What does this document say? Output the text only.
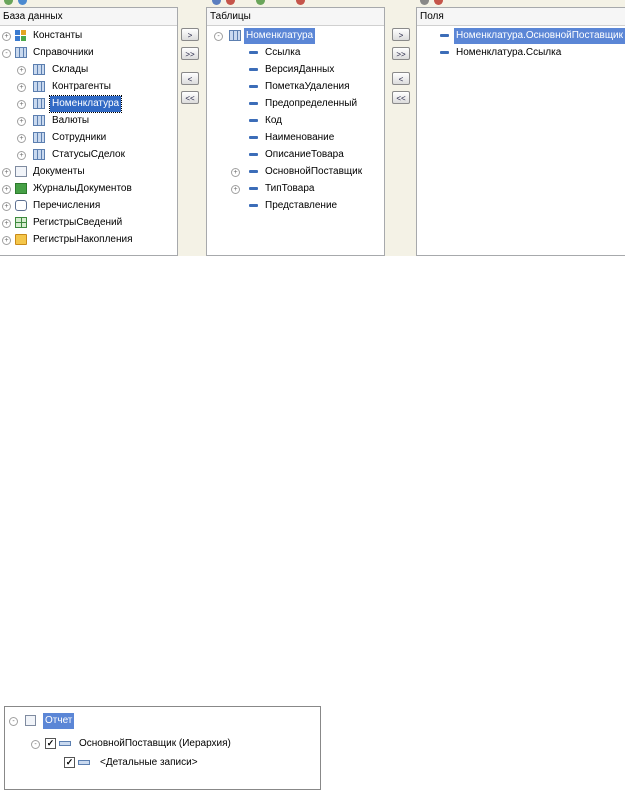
База данных
+ Константы
-	Справочники
+	Склады
+	Контрагенты
+	Номенклатура
+	Валюты
+	Сотрудники
+	СтатусыСделок
+ Документы
+ ЖурналыДокументов
+ Перечисления
+ РегистрыСведений
+ РегистрыНакопления
>
>>
<
<<
Таблицы
-	Номенклатура
Ссылка
ВерсияДанных
ПометкаУдаления
Предопределенный
Код
Наименование
ОписаниеТовара
+	ОсновнойПоставщик
+	ТипТовара
Представление
>
>>
<
<<
Поля
Номенклатура.ОсновнойПоставщик
Номенклатура.Ссылка
-	Отчет
-	✓ ОсновнойПоставщик (Иерархия)
✓	<Детальные записи>
